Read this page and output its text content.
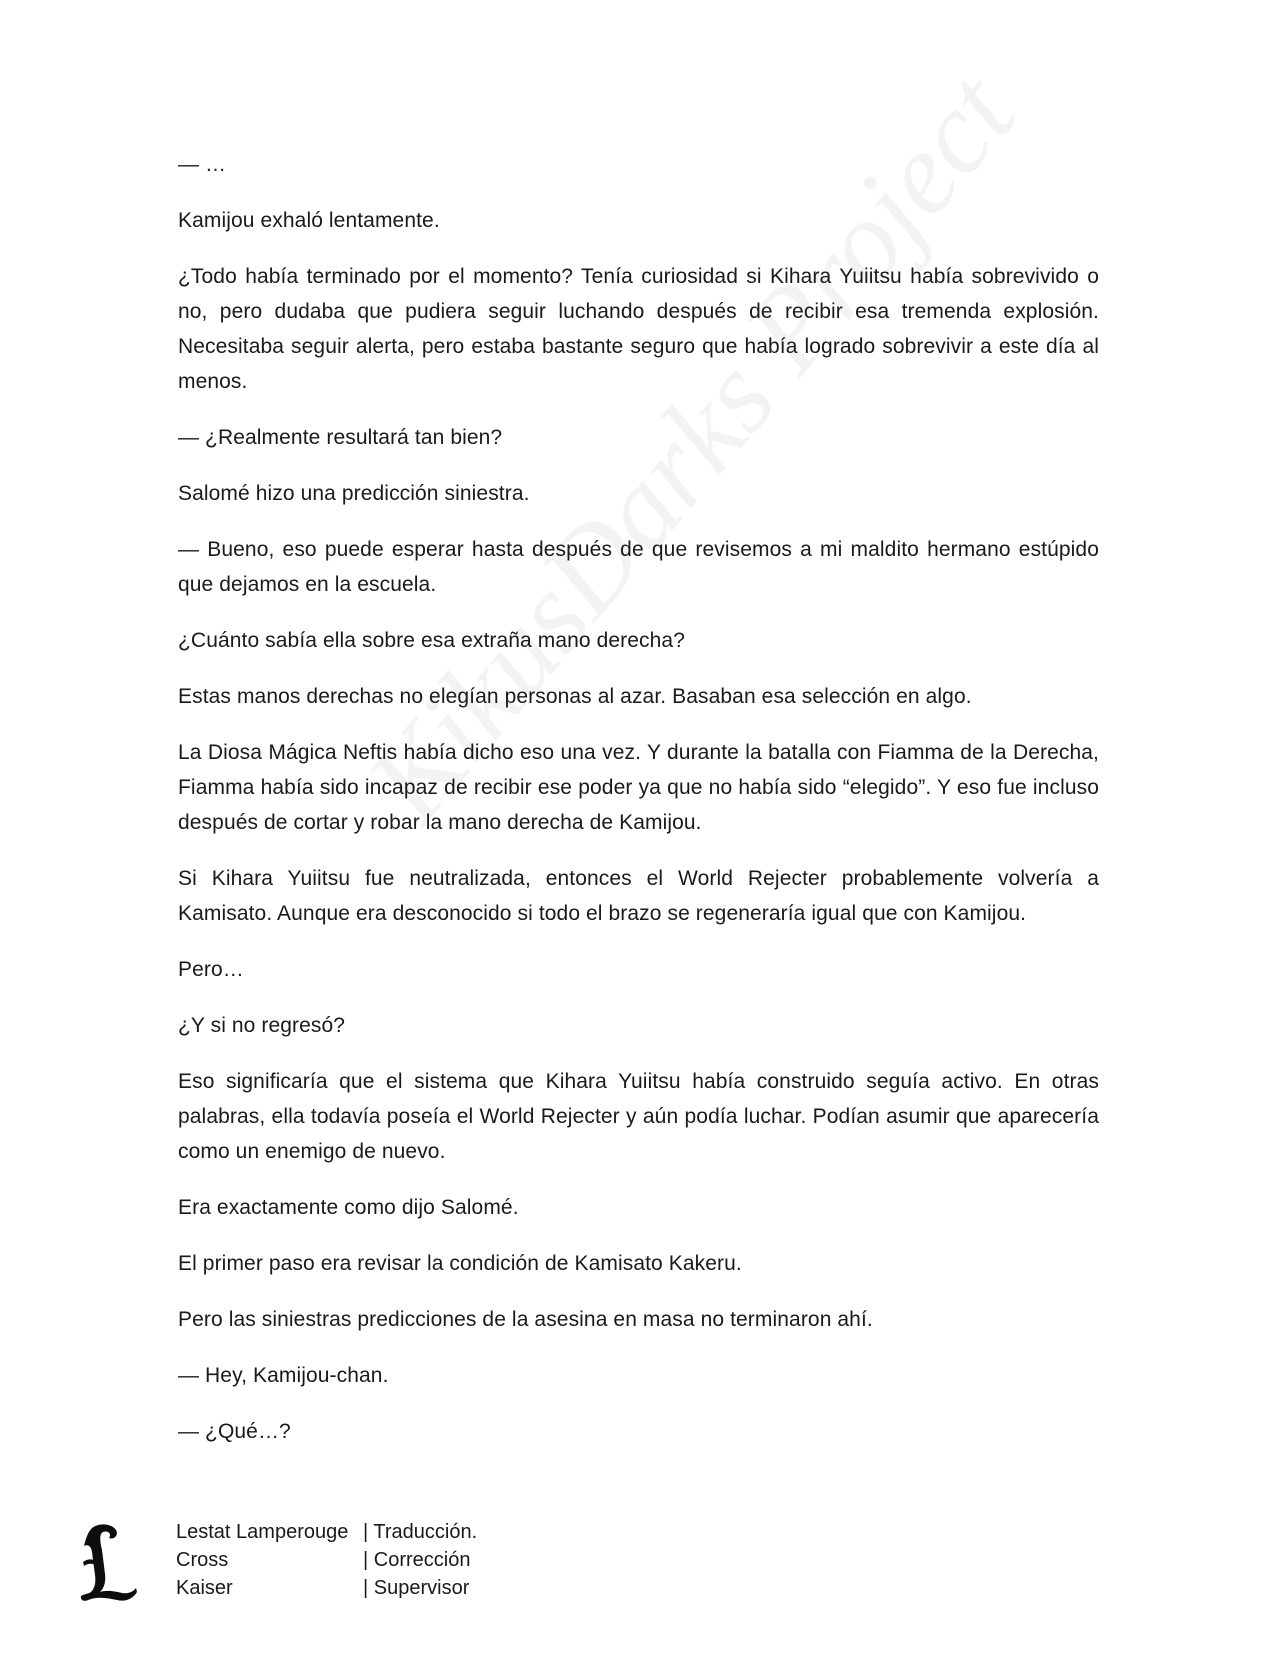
— …

Kamijou exhaló lentamente.

¿Todo había terminado por el momento? Tenía curiosidad si Kihara Yuiitsu había sobrevivido o no, pero dudaba que pudiera seguir luchando después de recibir esa tremenda explosión. Necesitaba seguir alerta, pero estaba bastante seguro que había logrado sobrevivir a este día al menos.

— ¿Realmente resultará tan bien?

Salomé hizo una predicción siniestra.

— Bueno, eso puede esperar hasta después de que revisemos a mi maldito hermano estúpido que dejamos en la escuela.

¿Cuánto sabía ella sobre esa extraña mano derecha?

Estas manos derechas no elegían personas al azar. Basaban esa selección en algo.

La Diosa Mágica Neftis había dicho eso una vez. Y durante la batalla con Fiamma de la Derecha, Fiamma había sido incapaz de recibir ese poder ya que no había sido “elegido”. Y eso fue incluso después de cortar y robar la mano derecha de Kamijou.

Si Kihara Yuiitsu fue neutralizada, entonces el World Rejecter probablemente volvería a Kamisato. Aunque era desconocido si todo el brazo se regeneraría igual que con Kamijou.

Pero…

¿Y si no regresó?

Eso significaría que el sistema que Kihara Yuiitsu había construido seguía activo. En otras palabras, ella todavía poseía el World Rejecter y aún podía luchar. Podían asumir que aparecería como un enemigo de nuevo.

Era exactamente como dijo Salomé.

El primer paso era revisar la condición de Kamisato Kakeru.

Pero las siniestras predicciones de la asesina en masa no terminaron ahí.

— Hey, Kamijou-chan.

— ¿Qué…?

Lestat Lamperouge | Traducción.
Cross	| Corrección
Kaiser	| Supervisor
